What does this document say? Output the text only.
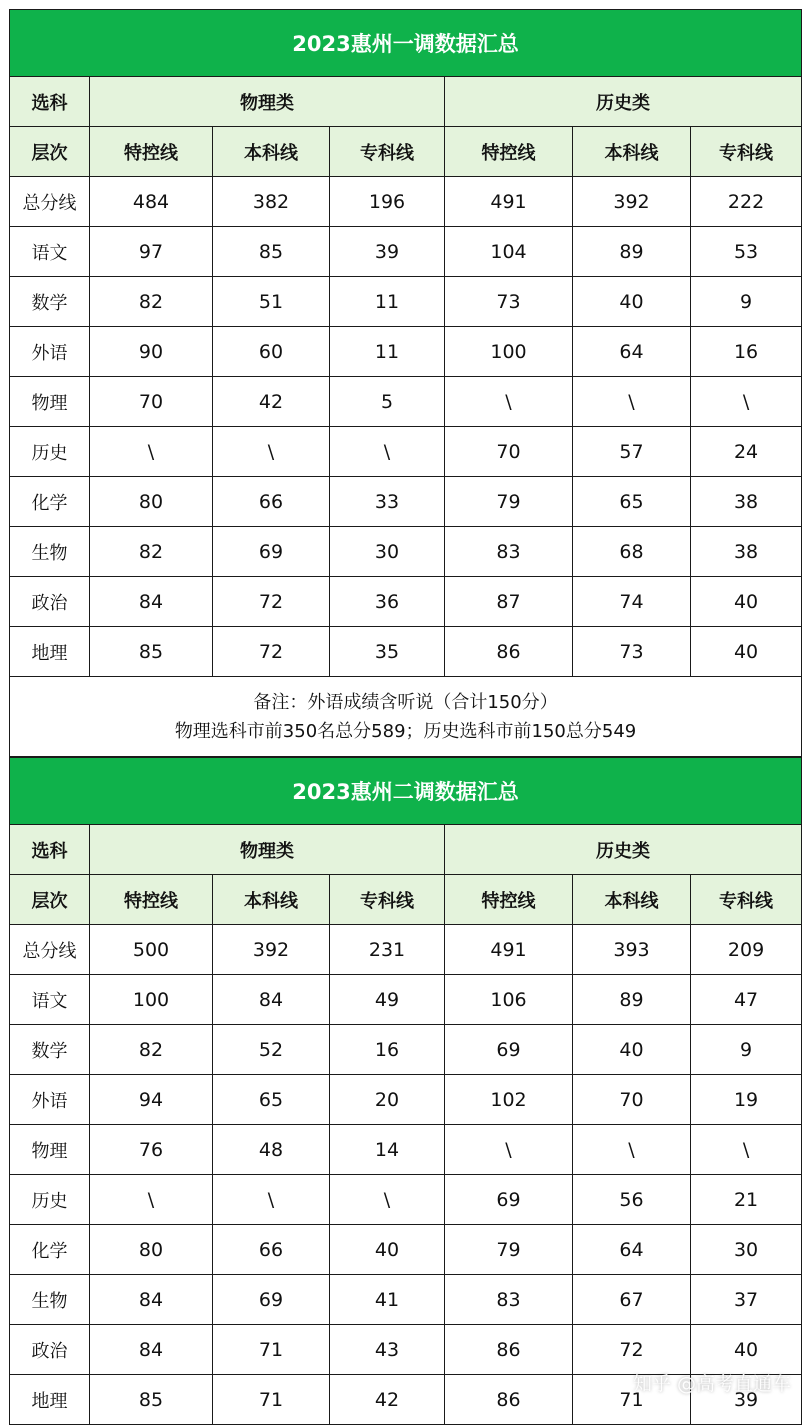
2023惠州一调数据汇总						
选科	物理类			历史类		
层次	特控线	本科线	专科线	特控线	本科线	专科线
总分线	484	382	196	491	392	222
语文	97	85	39	104	89	53
数学	82	51	11	73	40	9
外语	90	60	11	100	64	16
物理	70	42	5	\	\	\
历史	\	\	\	70	57	24
化学	80	66	33	79	65	38
生物	82	69	30	83	68	38
政治	84	72	36	87	74	40
地理	85	72	35	86	73	40

备注：外语成绩含听说（合计150分）
物理选科市前350名总分589；历史选科市前150总分549						
2023惠州二调数据汇总						
选科	物理类			历史类		
层次	特控线	本科线	专科线	特控线	本科线	专科线
总分线	500	392	231	491	393	209
语文	100	84	49	106	89	47
数学	82	52	16	69	40	9
外语	94	65	20	102	70	19
物理	76	48	14	\	\	\
历史	\	\	\	69	56	21
化学	80	66	40	79	64	30
生物	84	69	41	83	67	37
政治	84	71	43	86	72	40
地理	85	71	42	86	71	39
知乎 @高考直通车
